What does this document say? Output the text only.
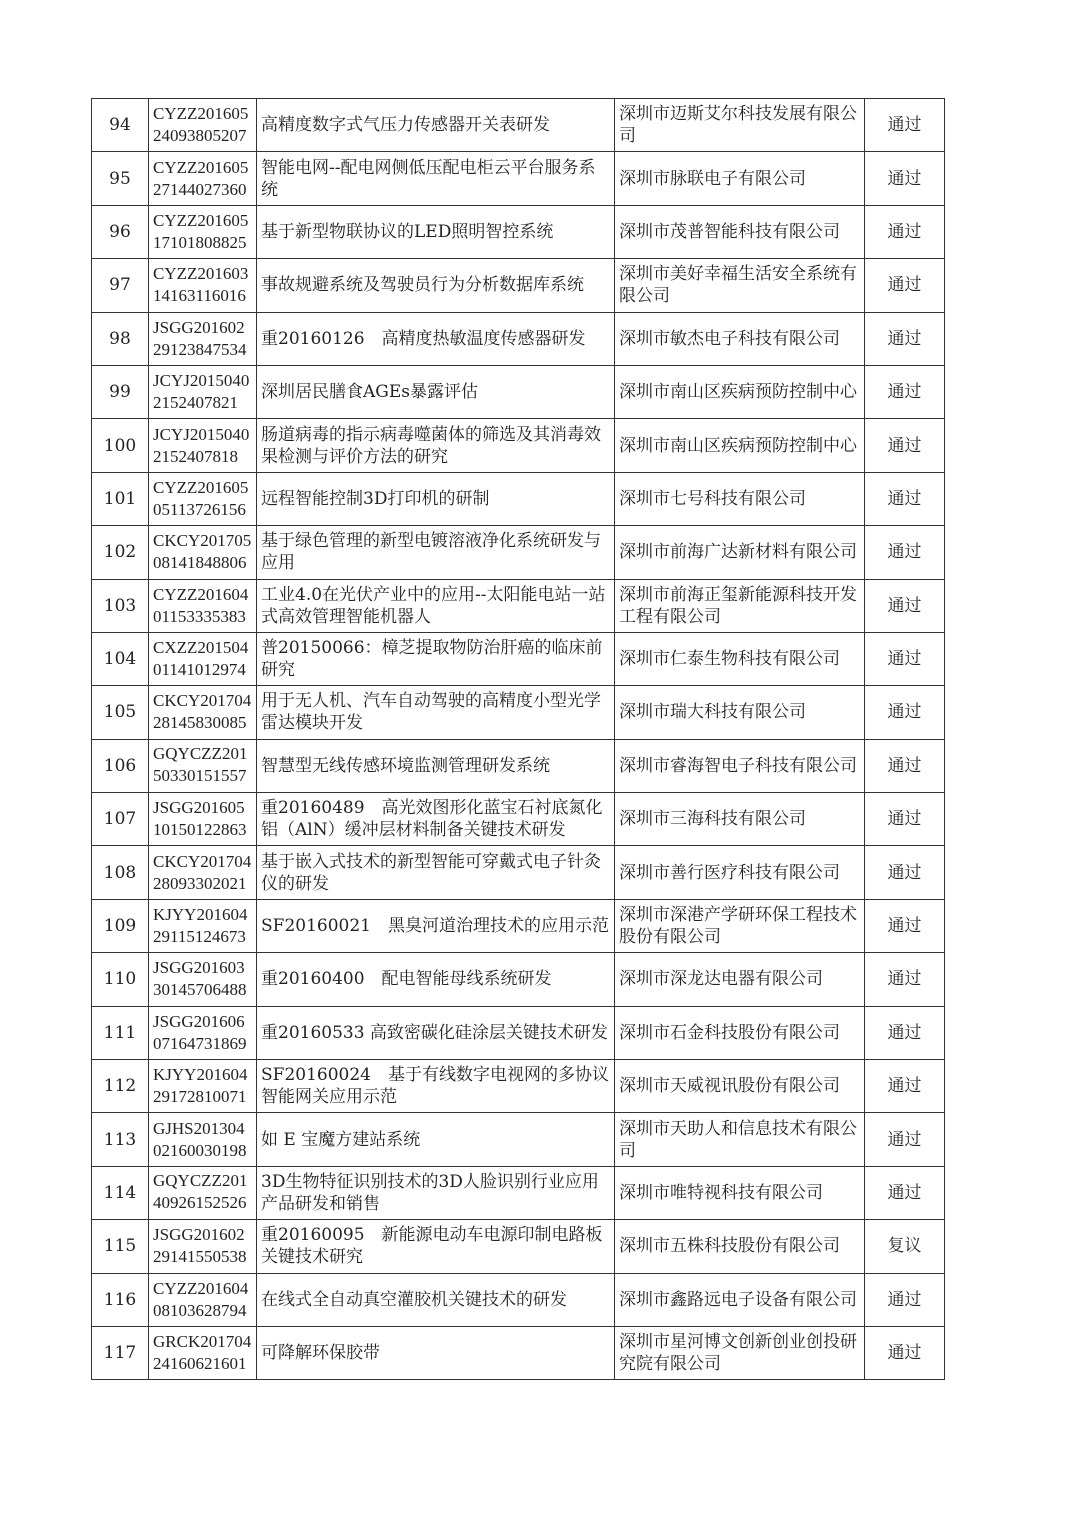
94	CYZZ20160524093805207	高精度数字式气压力传感器开关表研发	深圳市迈斯艾尔科技发展有限公司	通过
95	CYZZ20160527144027360	智能电网--配电网侧低压配电柜云平台服务系统	深圳市脉联电子有限公司	通过
96	CYZZ20160517101808825	基于新型物联协议的LED照明智控系统	深圳市茂普智能科技有限公司	通过
97	CYZZ20160314163116016	事故规避系统及驾驶员行为分析数据库系统	深圳市美好幸福生活安全系统有限公司	通过
98	JSGG20160229123847534	重20160126　高精度热敏温度传感器研发	深圳市敏杰电子科技有限公司	通过
99	JCYJ20150402152407821	深圳居民膳食AGEs暴露评估	深圳市南山区疾病预防控制中心	通过
100	JCYJ20150402152407818	肠道病毒的指示病毒噬菌体的筛选及其消毒效果检测与评价方法的研究	深圳市南山区疾病预防控制中心	通过
101	CYZZ20160505113726156	远程智能控制3D打印机的研制	深圳市七号科技有限公司	通过
102	CKCY20170508141848806	基于绿色管理的新型电镀溶液净化系统研发与应用	深圳市前海广达新材料有限公司	通过
103	CYZZ20160401153335383	工业4.0在光伏产业中的应用--太阳能电站一站式高效管理智能机器人	深圳市前海正玺新能源科技开发工程有限公司	通过
104	CXZZ20150401141012974	普20150066：樟芝提取物防治肝癌的临床前研究	深圳市仁泰生物科技有限公司	通过
105	CKCY20170428145830085	用于无人机、汽车自动驾驶的高精度小型光学雷达模块开发	深圳市瑞大科技有限公司	通过
106	GQYCZZ20150330151557	智慧型无线传感环境监测管理研发系统	深圳市睿海智电子科技有限公司	通过
107	JSGG20160510150122863	重20160489　高光效图形化蓝宝石衬底氮化铝（AlN）缓冲层材料制备关键技术研发	深圳市三海科技有限公司	通过
108	CKCY20170428093302021	基于嵌入式技术的新型智能可穿戴式电子针灸仪的研发	深圳市善行医疗科技有限公司	通过
109	KJYY20160429115124673	SF20160021　黑臭河道治理技术的应用示范	深圳市深港产学研环保工程技术股份有限公司	通过
110	JSGG20160330145706488	重20160400　配电智能母线系统研发	深圳市深龙达电器有限公司	通过
111	JSGG20160607164731869	重20160533 高致密碳化硅涂层关键技术研发	深圳市石金科技股份有限公司	通过
112	KJYY20160429172810071	SF20160024　基于有线数字电视网的多协议智能网关应用示范	深圳市天威视讯股份有限公司	通过
113	GJHS20130402160030198	如 E 宝魔方建站系统	深圳市天助人和信息技术有限公司	通过
114	GQYCZZ20140926152526	3D生物特征识别技术的3D人脸识别行业应用产品研发和销售	深圳市唯特视科技有限公司	通过
115	JSGG20160229141550538	重20160095　新能源电动车电源印制电路板关键技术研究	深圳市五株科技股份有限公司	复议
116	CYZZ20160408103628794	在线式全自动真空灌胶机关键技术的研发	深圳市鑫路远电子设备有限公司	通过
117	GRCK20170424160621601	可降解环保胶带	深圳市星河博文创新创业创投研究院有限公司	通过
